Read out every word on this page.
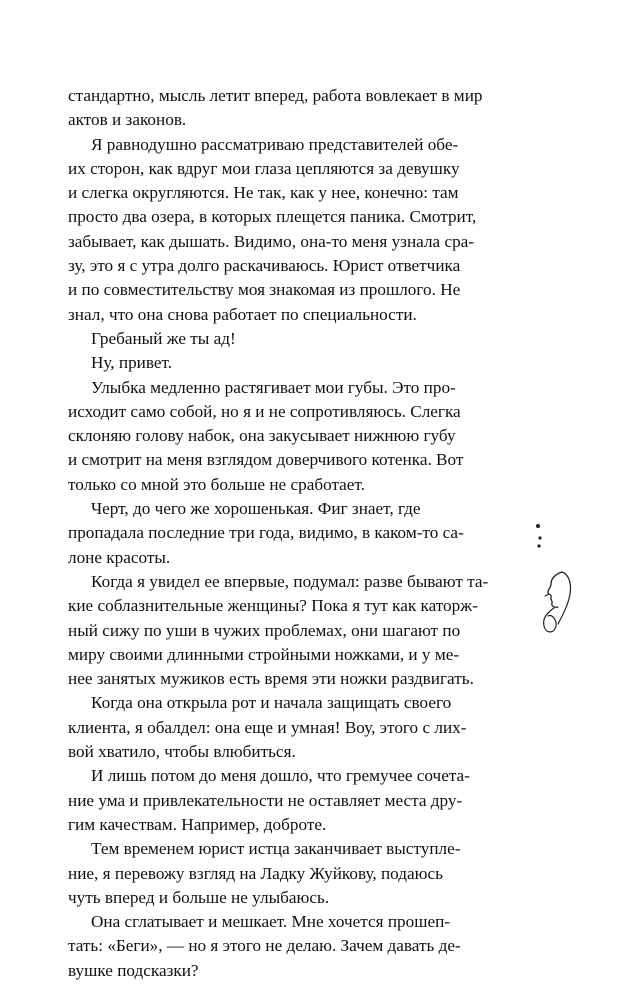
стандартно, мысль летит вперед, работа вовлекает в мир
актов и законов.

Я равнодушно рассматриваю представителей обе-
их сторон, как вдруг мои глаза цепляются за девушку
и слегка округляются. Не так, как у нее, конечно: там
просто два озера, в которых плещется паника. Смотрит,
забывает, как дышать. Видимо, она-то меня узнала сра-
зу, это я с утра долго раскачиваюсь. Юрист ответчика
и по совместительству моя знакомая из прошлого. Не
знал, что она снова работает по специальности.

Гребаный же ты ад!

Ну, привет.

Улыбка медленно растягивает мои губы. Это про-
исходит само собой, но я и не сопротивляюсь. Слегка
склоняю голову набок, она закусывает нижнюю губу
и смотрит на меня взглядом доверчивого котенка. Вот
только со мной это больше не сработает.

Черт, до чего же хорошенькая. Фиг знает, где
пропадала последние три года, видимо, в каком-то са-
лоне красоты.

Когда я увидел ее впервые, подумал: разве бывают та-
кие соблазнительные женщины? Пока я тут как каторж-
ный сижу по уши в чужих проблемах, они шагают по
миру своими длинными стройными ножками, и у ме-
нее занятых мужиков есть время эти ножки раздвигать.

Когда она открыла рот и начала защищать своего
клиента, я обалдел: она еще и умная! Воу, этого с лих-
вой хватило, чтобы влюбиться.

И лишь потом до меня дошло, что гремучее сочета-
ние ума и привлекательности не оставляет места дру-
гим качествам. Например, доброте.

Тем временем юрист истца заканчивает выступле-
ние, я перевожу взгляд на Ладку Жуйкову, подаюсь
чуть вперед и больше не улыбаюсь.

Она сглатывает и мешкает. Мне хочется прошеп-
тать: «Беги», — но я этого не делаю. Зачем давать де-
вушке подсказки?
